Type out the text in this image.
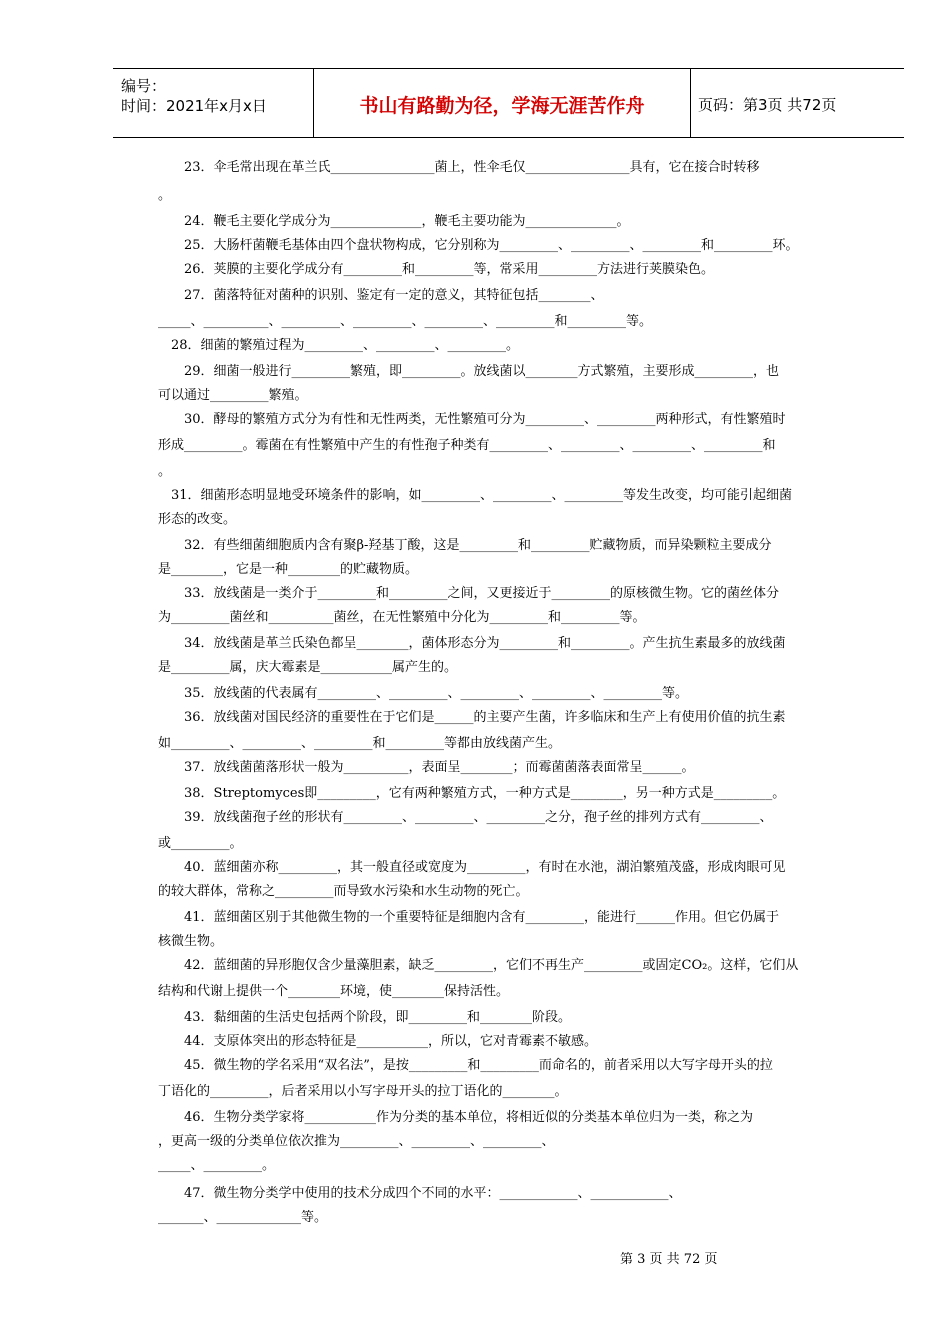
编号：
时间：2021年x月x日	书山有路勤为径，学海无涯苦作舟	页码：第3页 共72页
　　23．伞毛常出现在革兰氏________________菌上，性伞毛仅________________具有，它在接合时转移
。
　　24．鞭毛主要化学成分为______________，鞭毛主要功能为______________。
　　25．大肠杆菌鞭毛基体由四个盘状物构成，它分别称为_________、_________、_________和_________环。
　　26．荚膜的主要化学成分有_________和_________等，常采用_________方法进行荚膜染色。
　　27．菌落特征对菌种的识别、鉴定有一定的意义，其特征包括________、
_____、__________、_________、_________、_________、_________和_________等。
　28．细菌的繁殖过程为_________、_________、_________。
　　29．细菌一般进行_________繁殖，即_________。放线菌以________方式繁殖，主要形成_________，也
可以通过_________繁殖。
　　30．酵母的繁殖方式分为有性和无性两类，无性繁殖可分为_________、_________两种形式，有性繁殖时
形成_________。霉菌在有性繁殖中产生的有性孢子种类有_________、_________、_________、_________和
。
　31．细菌形态明显地受环境条件的影响，如_________、_________、_________等发生改变，均可能引起细菌
形态的改变。
　　32．有些细菌细胞质内含有聚β-羟基丁酸，这是_________和_________贮藏物质，而异染颗粒主要成分
是________，它是一种________的贮藏物质。
　　33．放线菌是一类介于_________和_________之间，又更接近于_________的原核微生物。它的菌丝体分
为_________菌丝和__________菌丝，在无性繁殖中分化为_________和_________等。
　　34．放线菌是革兰氏染色都呈________，菌体形态分为_________和_________。产生抗生素最多的放线菌
是_________属，庆大霉素是___________属产生的。
　　35．放线菌的代表属有_________、_________、_________、_________、_________等。
　　36．放线菌对国民经济的重要性在于它们是______的主要产生菌，许多临床和生产上有使用价值的抗生素
如_________、_________、_________和_________等都由放线菌产生。
　　37．放线菌菌落形状一般为__________，表面呈________；而霉菌菌落表面常呈______。
　　38．Streptomyces即_________，它有两种繁殖方式，一种方式是________，另一种方式是_________。
　　39．放线菌孢子丝的形状有_________、_________、_________之分，孢子丝的排列方式有_________、
或_________。
　　40．蓝细菌亦称_________，其一般直径或宽度为_________，有时在水池，湖泊繁殖茂盛，形成肉眼可见
的较大群体，常称之_________而导致水污染和水生动物的死亡。
　　41．蓝细菌区别于其他微生物的一个重要特征是细胞内含有_________，能进行______作用。但它仍属于
核微生物。
　　42．蓝细菌的异形胞仅含少量藻胆素，缺乏_________，它们不再生产_________或固定CO₂。这样，它们从
结构和代谢上提供一个________环境，使________保持活性。
　　43．黏细菌的生活史包括两个阶段，即_________和________阶段。
　　44．支原体突出的形态特征是___________，所以，它对青霉素不敏感。
　　45．微生物的学名采用“双名法”，是按_________和_________而命名的，前者采用以大写字母开头的拉
丁语化的_________，后者采用以小写字母开头的拉丁语化的________。
　　46．生物分类学家将___________作为分类的基本单位，将相近似的分类基本单位归为一类，称之为
，更高一级的分类单位依次推为_________、_________、_________、
_____、_________。
　　47．微生物分类学中使用的技术分成四个不同的水平：____________、____________、
_______、_____________等。
第 3 页 共 72 页
